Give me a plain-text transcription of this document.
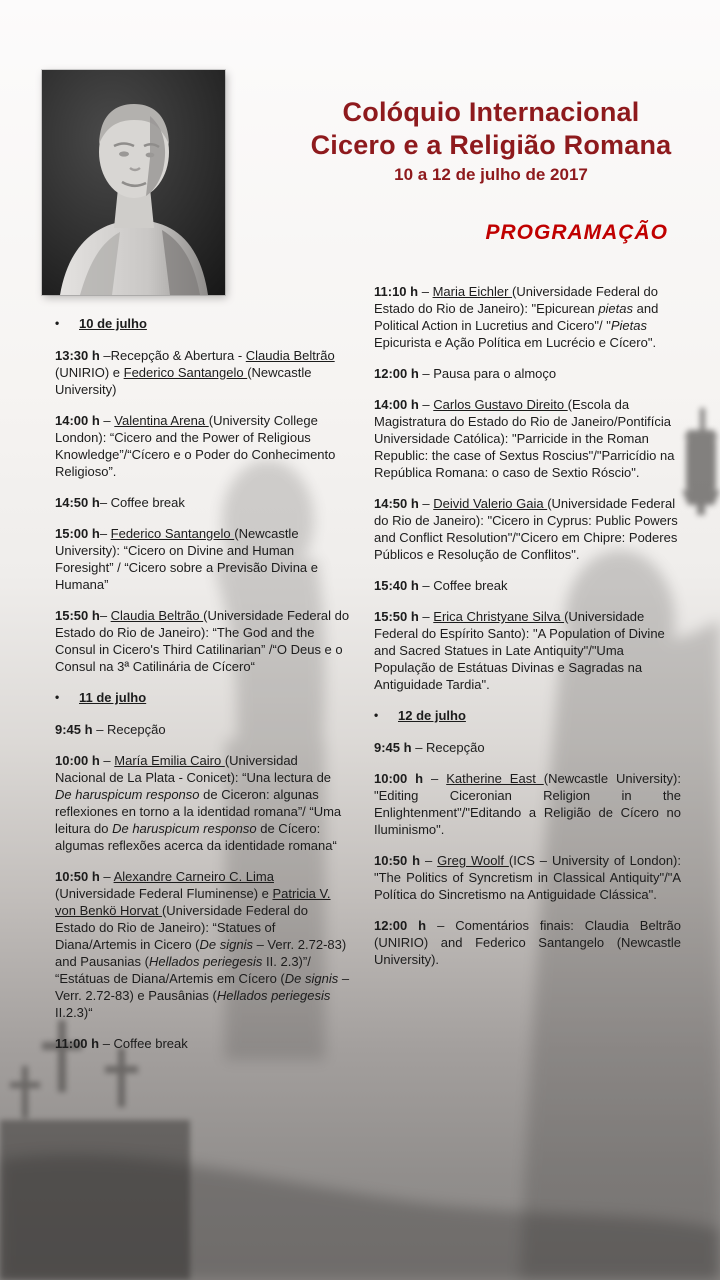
Colóquio Internacional
Cicero e a Religião Romana
10 a 12 de julho de 2017
PROGRAMAÇÃO
• 10 de julho

13:30 h –Recepção & Abertura - Claudia Beltrão (UNIRIO) e Federico Santangelo (Newcastle University)

14:00 h – Valentina Arena (University College London): “Cicero and the Power of Religious Knowledge”/“Cícero e o Poder do Conhecimento Religioso”.

14:50 h– Coffee break

15:00 h– Federico Santangelo (Newcastle University): “Cicero on Divine and Human Foresight” / “Cicero sobre a Previsão Divina e Humana”

15:50 h– Claudia Beltrão (Universidade Federal do Estado do Rio de Janeiro): “The God and the Consul in Cicero's Third Catilinarian” /“O Deus e o Consul na 3ª Catilinária de Cícero“

• 11 de julho

9:45 h – Recepção

10:00 h – María Emilia Cairo (Universidad Nacional de La Plata - Conicet): “Una lectura de De haruspicum responso de Ciceron: algunas reflexiones en torno a la identidad romana”/ “Uma leitura do De haruspicum responso de Cícero: algumas reflexões acerca da identidade romana“

10:50 h – Alexandre Carneiro C. Lima (Universidade Federal Fluminense) e Patricia V. von Benkö Horvat (Universidade Federal do Estado do Rio de Janeiro): “Statues of Diana/Artemis in Cicero (De signis – Verr. 2.72-83) and Pausanias (Hellados periegesis II. 2.3)”/ “Estátuas de Diana/Artemis em Cícero (De signis – Verr. 2.72-83) e Pausânias (Hellados periegesis II.2.3)“

11:00 h – Coffee break

11:10 h – Maria Eichler (Universidade Federal do Estado do Rio de Janeiro): "Epicurean pietas and Political Action in Lucretius and Cicero"/ "Pietas Epicurista e Ação Política em Lucrécio e Cícero".

12:00 h – Pausa para o almoço

14:00 h – Carlos Gustavo Direito (Escola da Magistratura do Estado do Rio de Janeiro/Pontifícia Universidade Católica): "Parricide in the Roman Republic: the case of Sextus Roscius"/"Parricídio na República Romana: o caso de Sextio Róscio".

14:50 h – Deivid Valerio Gaia (Universidade Federal do Rio de Janeiro): "Cicero in Cyprus: Public Powers and Conflict Resolution"/"Cicero em Chipre: Poderes Públicos e Resolução de Conflitos".

15:40 h – Coffee break

15:50 h – Erica Christyane Silva (Universidade Federal do Espírito Santo): "A Population of Divine and Sacred Statues in Late Antiquity"/"Uma População de Estátuas Divinas e Sagradas na Antiguidade Tardia".

• 12 de julho

9:45 h – Recepção

10:00 h – Katherine East (Newcastle University): "Editing Ciceronian Religion in the Enlightenment"/"Editando a Religião de Cícero no Iluminismo".

10:50 h – Greg Woolf (ICS – University of London): "The Politics of Syncretism in Classical Antiquity"/"A Política do Sincretismo na Antiguidade Clássica".

12:00 h – Comentários finais: Claudia Beltrão (UNIRIO) and Federico Santangelo (Newcastle University).
